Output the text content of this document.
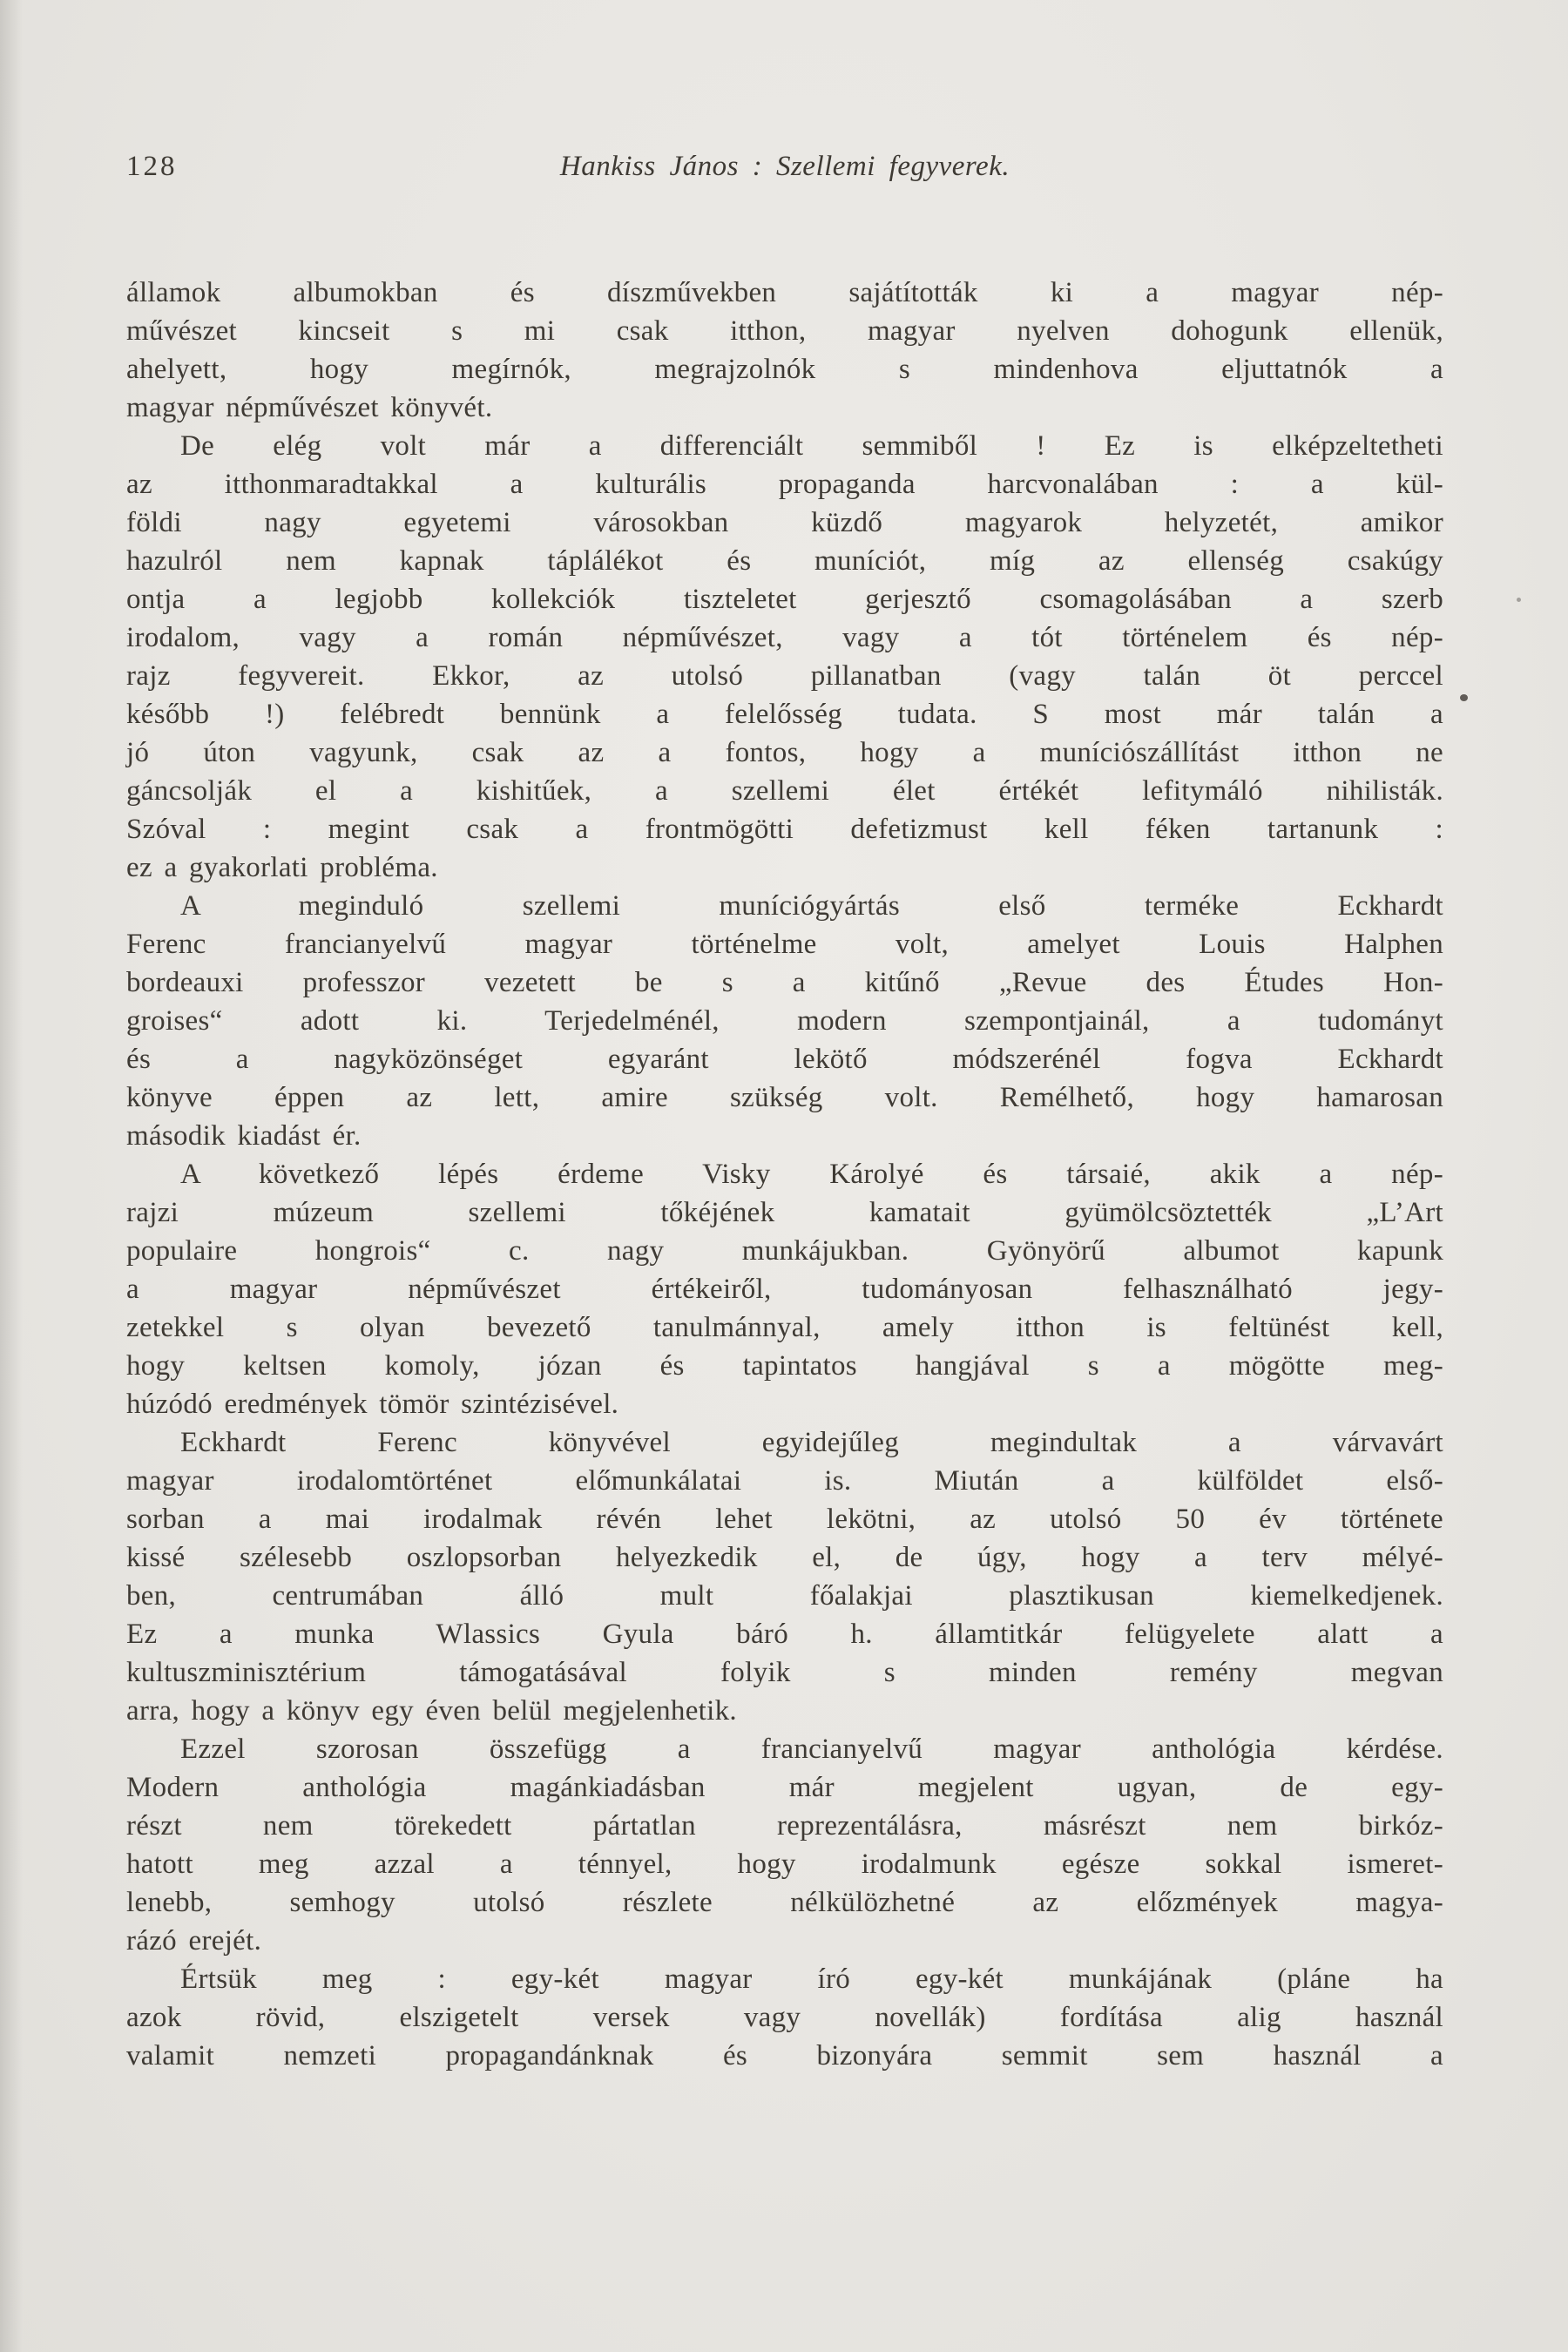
128	Hankiss János : Szellemi fegyverek.
államok albumokban és díszművekben sajátították ki a magyar nép-
művészet kincseit s mi csak itthon, magyar nyelven dohogunk ellenük,
ahelyett, hogy megírnók, megrajzolnók s mindenhova eljuttatnók a
magyar népművészet könyvét.
De elég volt már a differenciált semmiből ! Ez is elképzeltetheti
az itthonmaradtakkal a kulturális propaganda harcvonalában : a kül-
földi nagy egyetemi városokban küzdő magyarok helyzetét, amikor
hazulról nem kapnak táplálékot és muníciót, míg az ellenség csakúgy
ontja a legjobb kollekciók tiszteletet gerjesztő csomagolásában a szerb
irodalom, vagy a román népművészet, vagy a tót történelem és nép-
rajz fegyvereit. Ekkor, az utolsó pillanatban (vagy talán öt perccel
később !) felébredt bennünk a felelősség tudata. S most már talán a
jó úton vagyunk, csak az a fontos, hogy a muníciószállítást itthon ne
gáncsolják el a kishitűek, a szellemi élet értékét lefitymáló nihilisták.
Szóval : megint csak a frontmögötti defetizmust kell féken tartanunk :
ez a gyakorlati probléma.
A meginduló szellemi muníciógyártás első terméke Eckhardt
Ferenc francianyelvű magyar történelme volt, amelyet Louis Halphen
bordeauxi professzor vezetett be s a kitűnő „Revue des Études Hon-
groises“ adott ki. Terjedelménél, modern szempontjainál, a tudományt
és a nagyközönséget egyaránt lekötő módszerénél fogva Eckhardt
könyve éppen az lett, amire szükség volt. Remélhető, hogy hamarosan
második kiadást ér.
A következő lépés érdeme Visky Károlyé és társaié, akik a nép-
rajzi múzeum szellemi tőkéjének kamatait gyümölcsöztették „L’Art
populaire hongrois“ c. nagy munkájukban. Gyönyörű albumot kapunk
a magyar népművészet értékeiről, tudományosan felhasználható jegy-
zetekkel s olyan bevezető tanulmánnyal, amely itthon is feltünést kell,
hogy keltsen komoly, józan és tapintatos hangjával s a mögötte meg-
húzódó eredmények tömör szintézisével.
Eckhardt Ferenc könyvével egyidejűleg megindultak a várvavárt
magyar irodalomtörténet előmunkálatai is. Miután a külföldet első-
sorban a mai irodalmak révén lehet lekötni, az utolsó 50 év története
kissé szélesebb oszlopsorban helyezkedik el, de úgy, hogy a terv mélyé-
ben, centrumában álló mult főalakjai plasztikusan kiemelkedjenek.
Ez a munka Wlassics Gyula báró h. államtitkár felügyelete alatt a
kultuszminisztérium támogatásával folyik s minden remény megvan
arra, hogy a könyv egy éven belül megjelenhetik.
Ezzel szorosan összefügg a francianyelvű magyar anthológia kérdése.
Modern anthológia magánkiadásban már megjelent ugyan, de egy-
részt nem törekedett pártatlan reprezentálásra, másrészt nem birkóz-
hatott meg azzal a ténnyel, hogy irodalmunk egésze sokkal ismeret-
lenebb, semhogy utolsó részlete nélkülözhetné az előzmények magya-
rázó erejét.
Értsük meg : egy-két magyar író egy-két munkájának (pláne ha
azok rövid, elszigetelt versek vagy novellák) fordítása alig használ
valamit nemzeti propagandánknak és bizonyára semmit sem használ a
